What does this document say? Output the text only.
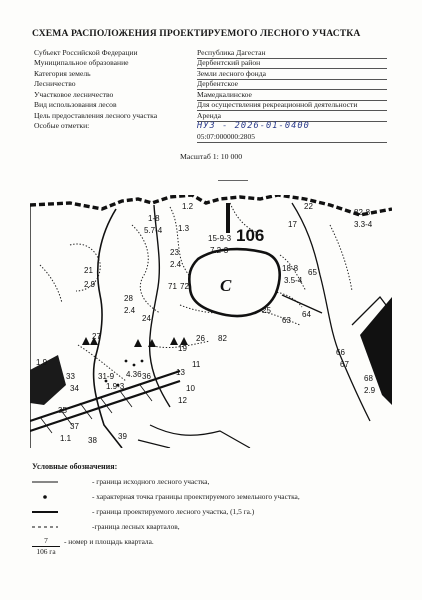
СХЕМА РАСПОЛОЖЕНИЯ ПРОЕКТИРУЕМОГО ЛЕСНОГО УЧАСТКА
Субъект Российской Федерации	Республика Дагестан
Муниципальное образование	Дербентский район
Категория земель	Земли лесного фонда
Лесничество	Дербентское
Участковое лесничество	Мамедкалинское
Вид использования лесов	Для осуществления рекреационной деятельности
Цель предоставления лесного участка	Аренда
Особые отметки:	НУЗ - 2026-01-0400
05:07:000000:2805
Масштаб 1: 10 000
С
106
1-8
5.7-4 1.3
1.2
15-9-3
7.2-3
17
22
82-8
3.3-4
21
2.9
23
2.4
28
2.4
71 72
18-8
3.5-4
65
25
63
64
27	26 82
66
67
68
2.9
33
34
35
37
38	39
24
19
13
12
11
10
36
4.36
31-9
1.9-3
1.1
1.9
Условные обозначения:
- граница исходного лесного участка,
- характерная точка границы проектируемого земельного участка,
- граница проектируемого лесного участка, (1,5 га.)
-граница лесных кварталов,
7
106 га
- номер и площадь квартала.
